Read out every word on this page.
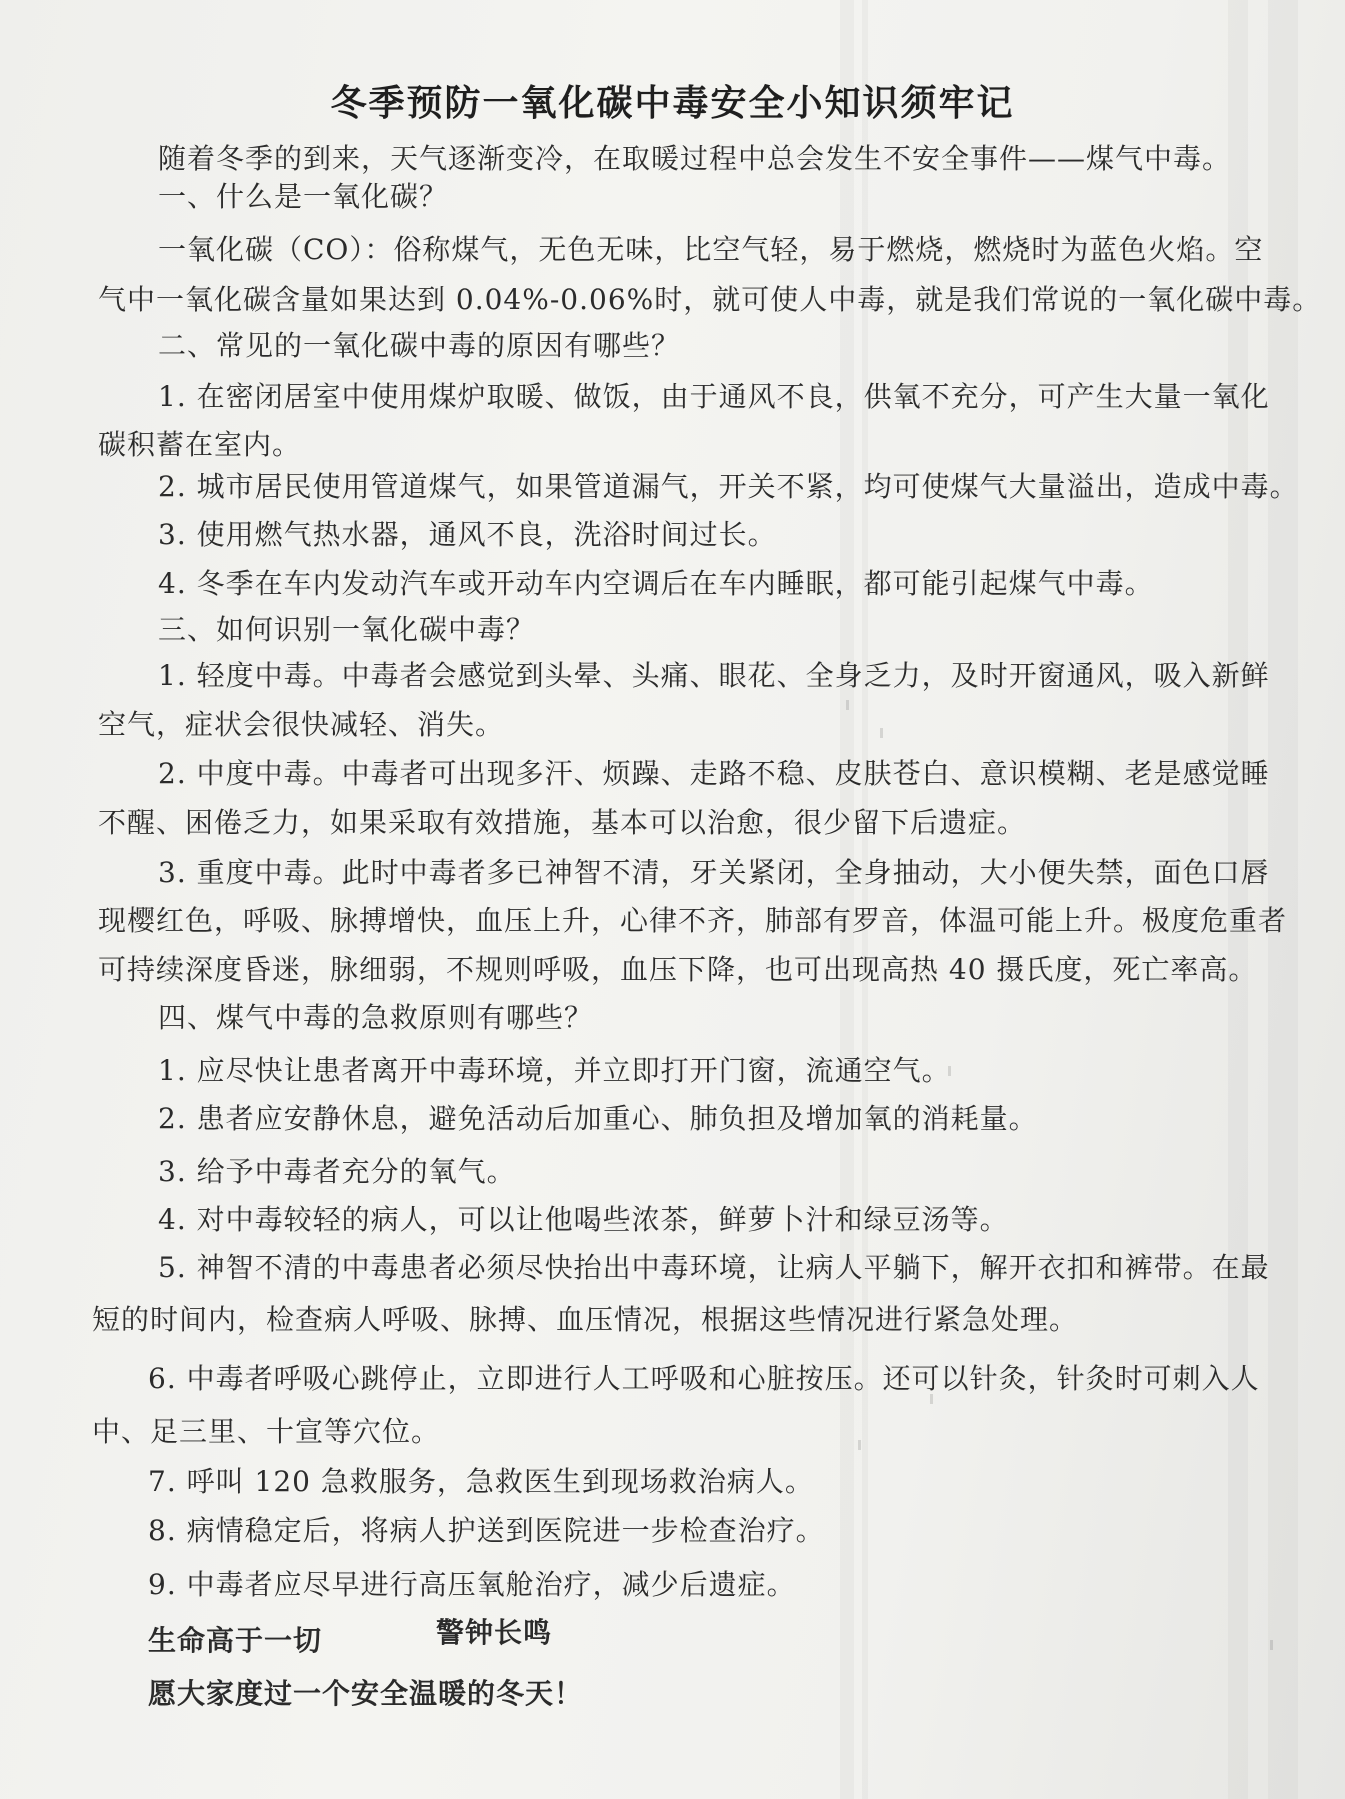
冬季预防一氧化碳中毒安全小知识须牢记
随着冬季的到来，天气逐渐变冷，在取暖过程中总会发生不安全事件——煤气中毒。
一、什么是一氧化碳？
一氧化碳（CO）：俗称煤气，无色无味，比空气轻，易于燃烧，燃烧时为蓝色火焰。空
气中一氧化碳含量如果达到 0.04%-0.06%时，就可使人中毒，就是我们常说的一氧化碳中毒。
二、常见的一氧化碳中毒的原因有哪些？
1. 在密闭居室中使用煤炉取暖、做饭，由于通风不良，供氧不充分，可产生大量一氧化
碳积蓄在室内。
2. 城市居民使用管道煤气，如果管道漏气，开关不紧，均可使煤气大量溢出，造成中毒。
3. 使用燃气热水器，通风不良，洗浴时间过长。
4. 冬季在车内发动汽车或开动车内空调后在车内睡眠，都可能引起煤气中毒。
三、如何识别一氧化碳中毒？
1. 轻度中毒。中毒者会感觉到头晕、头痛、眼花、全身乏力，及时开窗通风，吸入新鲜
空气，症状会很快减轻、消失。
2. 中度中毒。中毒者可出现多汗、烦躁、走路不稳、皮肤苍白、意识模糊、老是感觉睡
不醒、困倦乏力，如果采取有效措施，基本可以治愈，很少留下后遗症。
3. 重度中毒。此时中毒者多已神智不清，牙关紧闭，全身抽动，大小便失禁，面色口唇
现樱红色，呼吸、脉搏增快，血压上升，心律不齐，肺部有罗音，体温可能上升。极度危重者
可持续深度昏迷，脉细弱，不规则呼吸，血压下降，也可出现高热 40 摄氏度，死亡率高。
四、煤气中毒的急救原则有哪些？
1. 应尽快让患者离开中毒环境，并立即打开门窗，流通空气。
2. 患者应安静休息，避免活动后加重心、肺负担及增加氧的消耗量。
3. 给予中毒者充分的氧气。
4. 对中毒较轻的病人，可以让他喝些浓茶，鲜萝卜汁和绿豆汤等。
5. 神智不清的中毒患者必须尽快抬出中毒环境，让病人平躺下，解开衣扣和裤带。在最
短的时间内，检查病人呼吸、脉搏、血压情况，根据这些情况进行紧急处理。
6. 中毒者呼吸心跳停止，立即进行人工呼吸和心脏按压。还可以针灸，针灸时可刺入人
中、足三里、十宣等穴位。
7. 呼叫 120 急救服务，急救医生到现场救治病人。
8. 病情稳定后，将病人护送到医院进一步检查治疗。
9. 中毒者应尽早进行高压氧舱治疗，减少后遗症。
生命高于一切	警钟长鸣
愿大家度过一个安全温暖的冬天！
